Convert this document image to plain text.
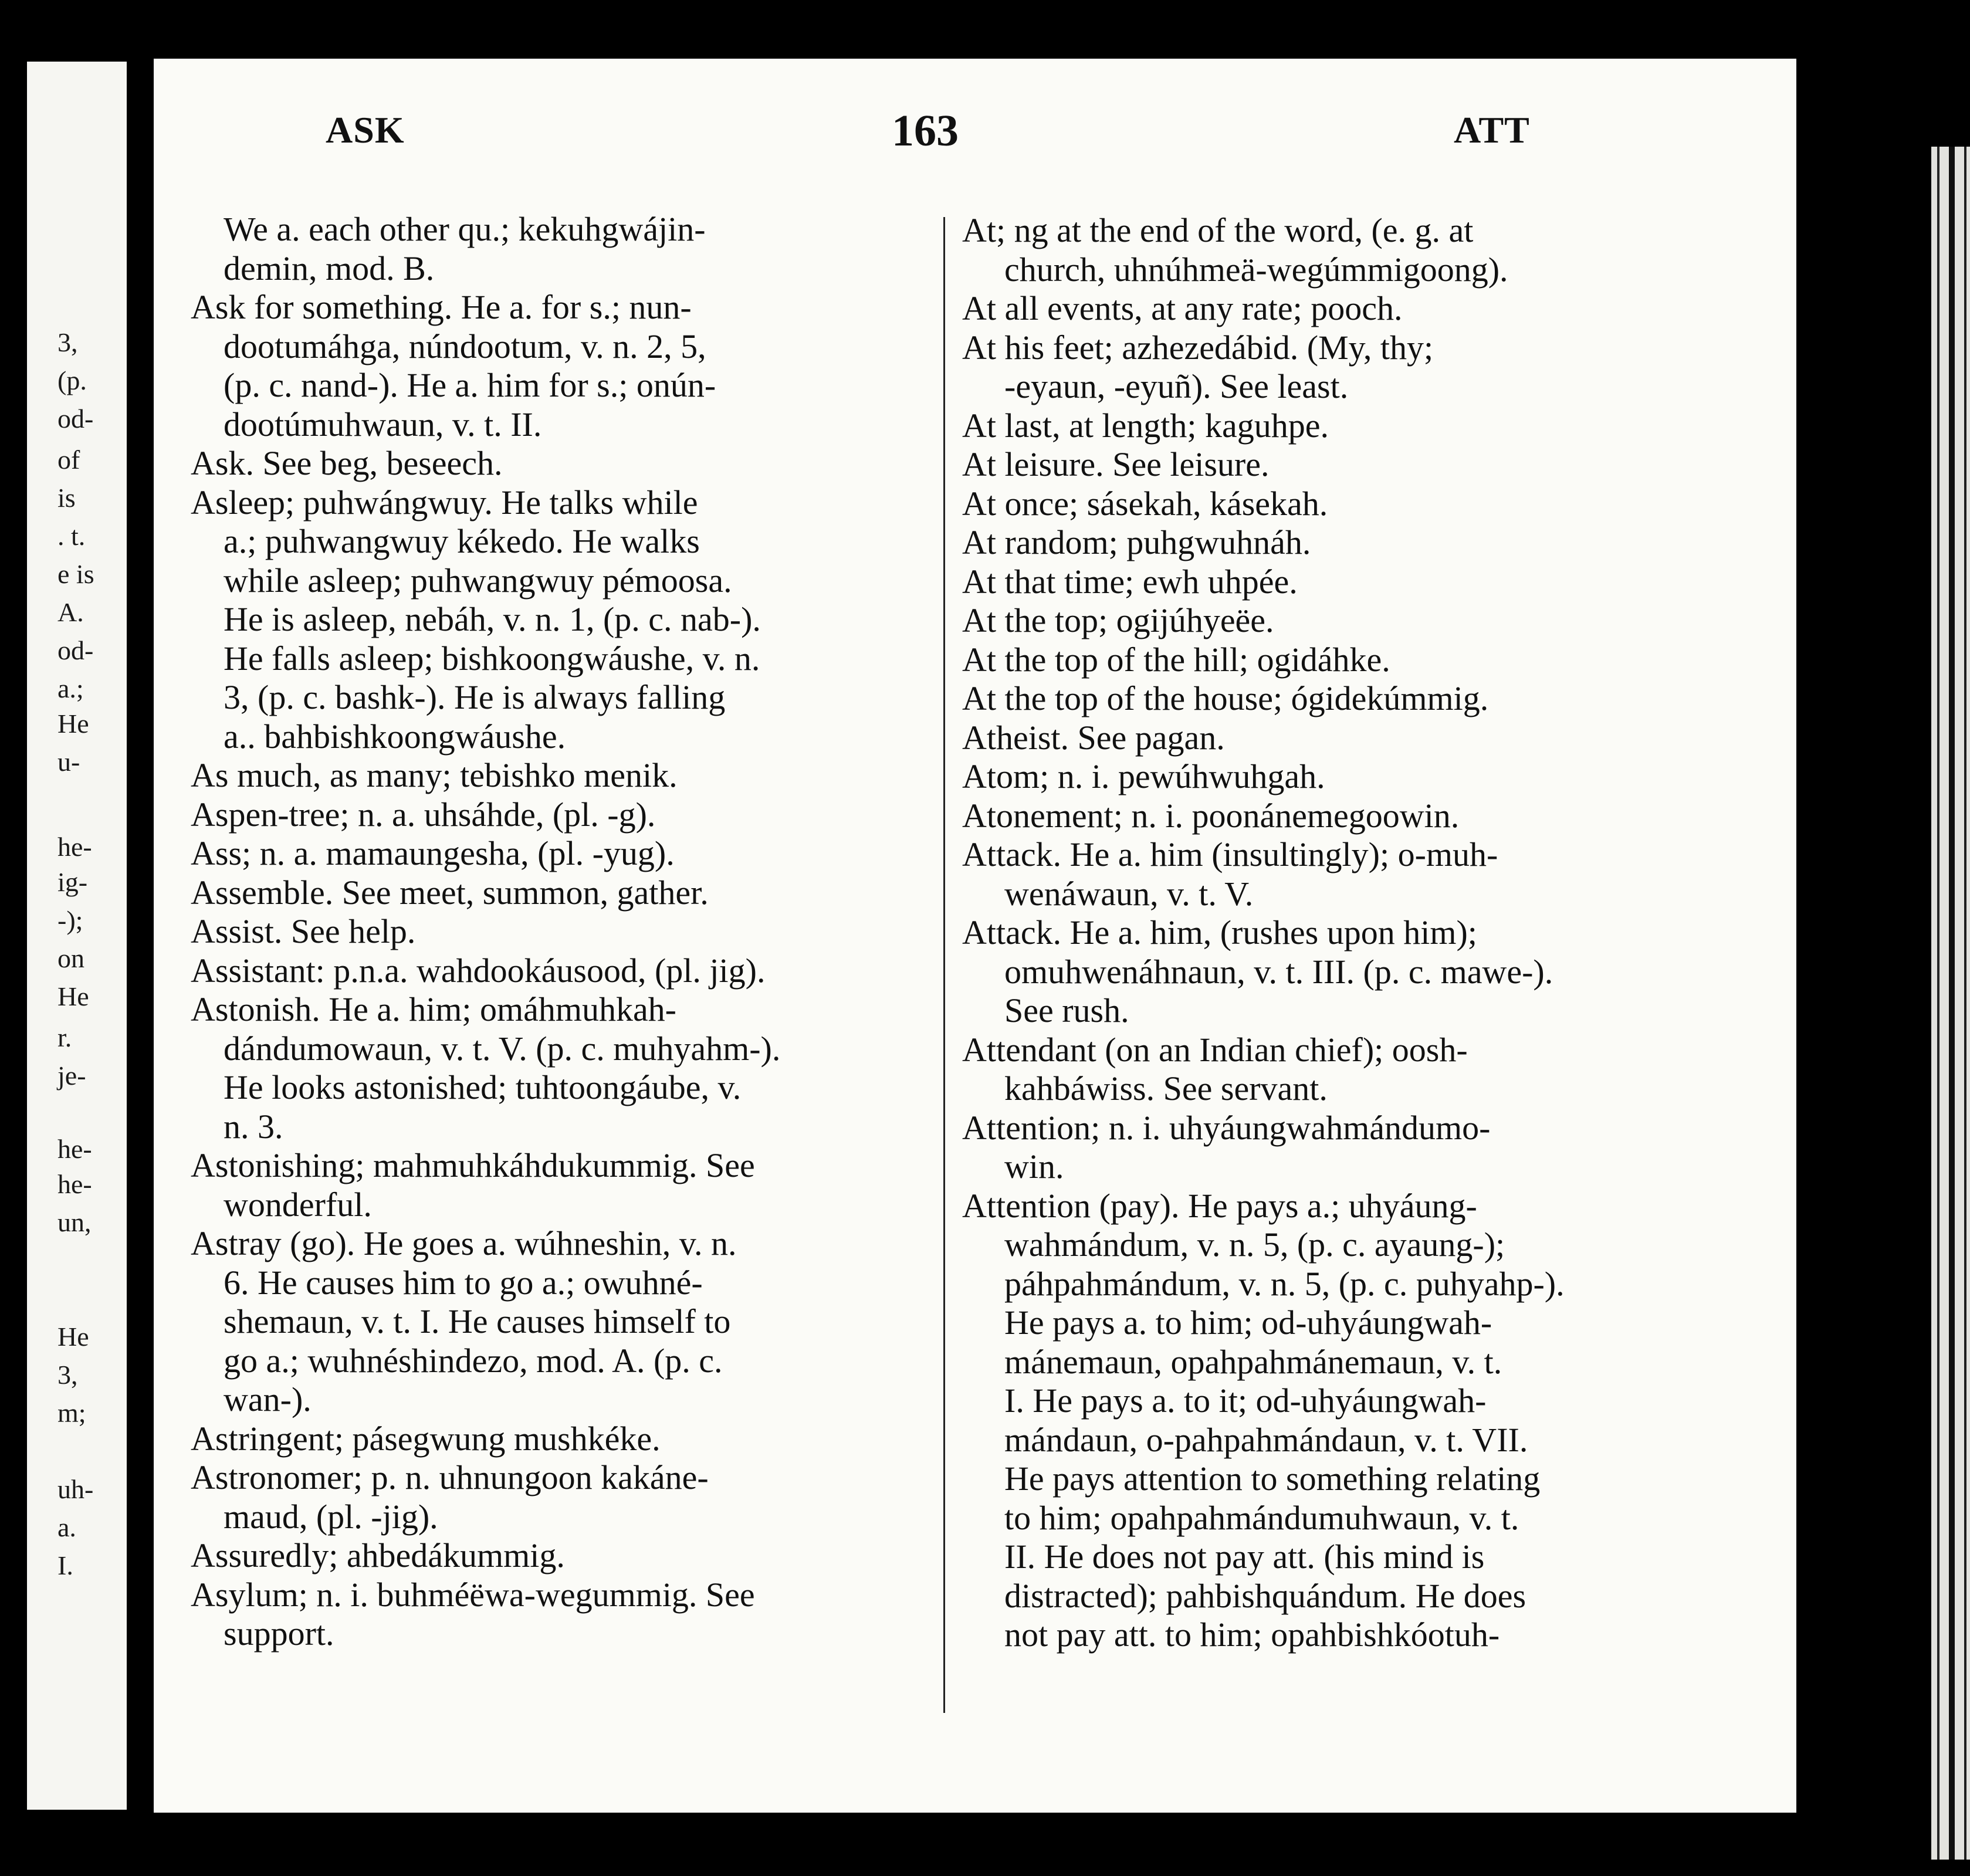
3,
(p.
od-
of
is
. t.
e is
A.
od-
a.;
He
u-
he-
ig-
-);
on
He
r.
je-
he-
he-
un,
He
3,
m;
uh-
a.
I.
ASK	163	ATT
We a. each other qu.; kekuhgwájin-
demin, mod. B.
Ask for something. He a. for s.; nun-
dootumáhga, núndootum, v. n. 2, 5,
(p. c. nand-). He a. him for s.; onún-
dootúmuhwaun, v. t. II.
Ask. See beg, beseech.
Asleep; puhwángwuy. He talks while
a.; puhwangwuy kékedo. He walks
while asleep; puhwangwuy pémoosa.
He is asleep, nebáh, v. n. 1, (p. c. nab-).
He falls asleep; bishkoongwáushe, v. n.
3, (p. c. bashk-). He is always falling
a.. bahbishkoongwáushe.
As much, as many; tebishko menik.
Aspen-tree; n. a. uhsáhde, (pl. -g).
Ass; n. a. mamaungesha, (pl. -yug).
Assemble. See meet, summon, gather.
Assist. See help.
Assistant: p.n.a. wahdookáusood, (pl. jig).
Astonish. He a. him; omáhmuhkah-
dándumowaun, v. t. V. (p. c. muhyahm-).
He looks astonished; tuhtoongáube, v.
n. 3.
Astonishing; mahmuhkáhdukummig. See
wonderful.
Astray (go). He goes a. wúhneshin, v. n.
6. He causes him to go a.; owuhné-
shemaun, v. t. I. He causes himself to
go a.; wuhnéshindezo, mod. A. (p. c.
wan-).
Astringent; pásegwung mushkéke.
Astronomer; p. n. uhnungoon kakáne-
maud, (pl. -jig).
Assuredly; ahbedákummig.
Asylum; n. i. buhméëwa-wegummig. See
support.
At; ng at the end of the word, (e. g. at
church, uhnúhmeä-wegúmmigoong).
At all events, at any rate; pooch.
At his feet; azhezedábid. (My, thy;
-eyaun, -eyuñ). See least.
At last, at length; kaguhpe.
At leisure. See leisure.
At once; sásekah, kásekah.
At random; puhgwuhnáh.
At that time; ewh uhpée.
At the top; ogijúhyeëe.
At the top of the hill; ogidáhke.
At the top of the house; ógidekúmmig.
Atheist. See pagan.
Atom; n. i. pewúhwuhgah.
Atonement; n. i. poonánemegoowin.
Attack. He a. him (insultingly); o-muh-
wenáwaun, v. t. V.
Attack. He a. him, (rushes upon him);
omuhwenáhnaun, v. t. III. (p. c. mawe-).
See rush.
Attendant (on an Indian chief); oosh-
kahbáwiss. See servant.
Attention; n. i. uhyáungwahmándumo-
win.
Attention (pay). He pays a.; uhyáung-
wahmándum, v. n. 5, (p. c. ayaung-);
páhpahmándum, v. n. 5, (p. c. puhyahp-).
He pays a. to him; od-uhyáungwah-
mánemaun, opahpahmánemaun, v. t.
I. He pays a. to it; od-uhyáungwah-
mándaun, o-pahpahmándaun, v. t. VII.
He pays attention to something relating
to him; opahpahmándumuhwaun, v. t.
II. He does not pay att. (his mind is
distracted); pahbishquándum. He does
not pay att. to him; opahbishkóotuh-
